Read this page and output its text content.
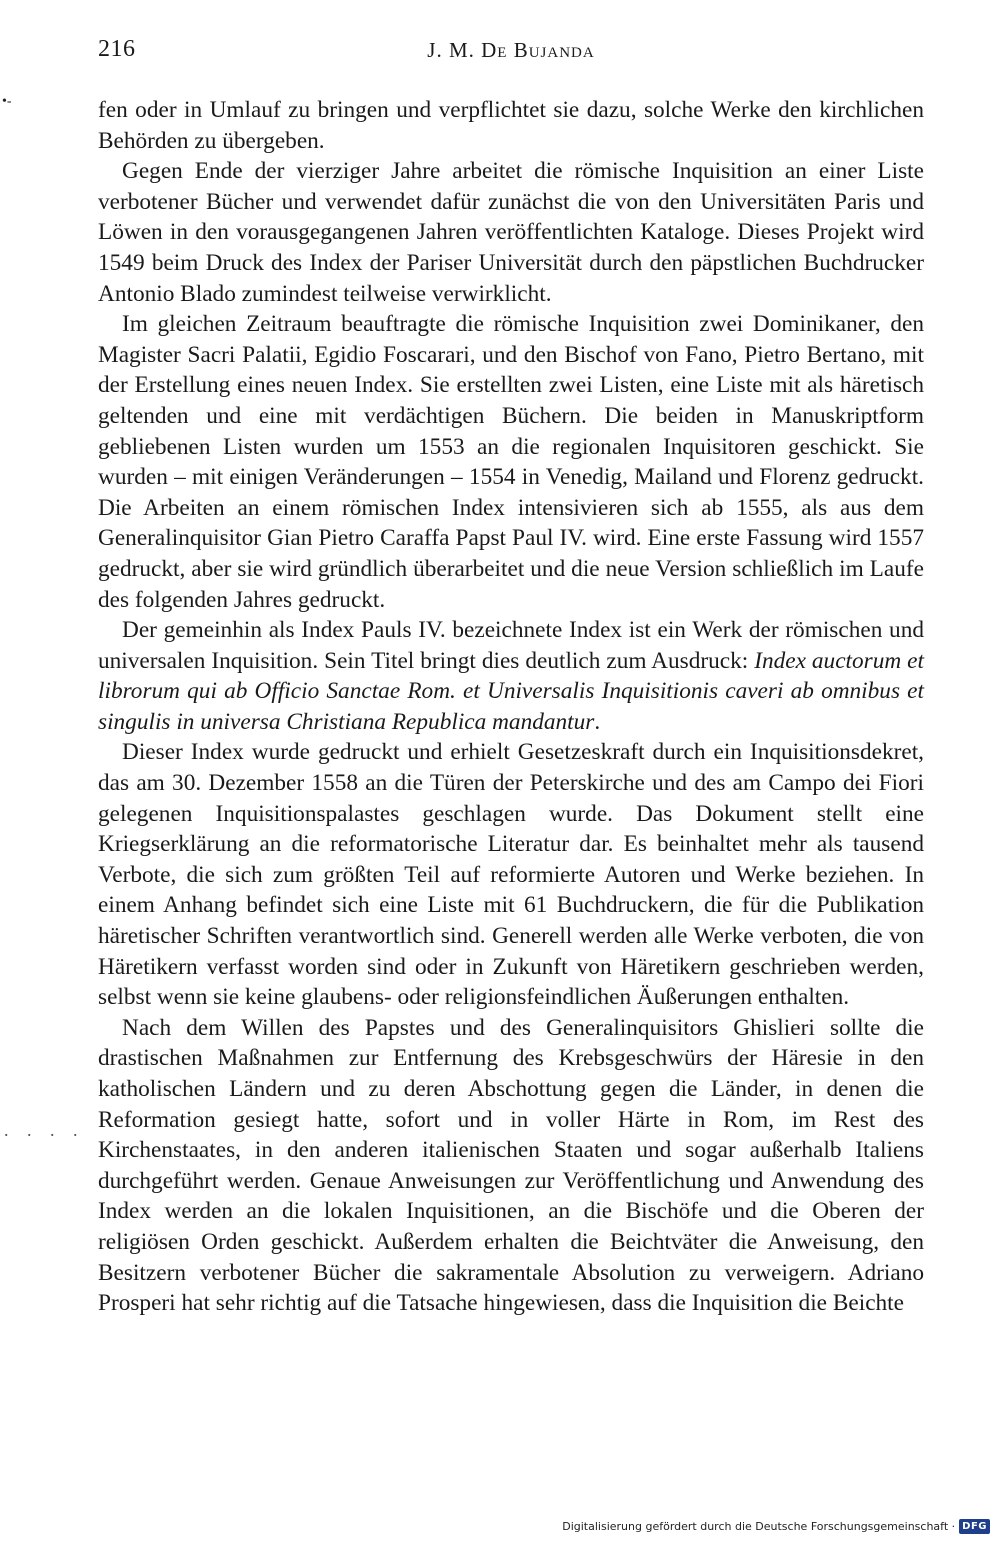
216	J. M. De Bujanda
•-
. . . .

fen oder in Umlauf zu bringen und verpflichtet sie dazu, solche Werke den kirchlichen Behörden zu übergeben.

Gegen Ende der vierziger Jahre arbeitet die römische Inquisition an einer Liste verbotener Bücher und verwendet dafür zunächst die von den Universitäten Paris und Löwen in den vorausgegangenen Jahren veröffentlichten Kataloge. Dieses Projekt wird 1549 beim Druck des Index der Pariser Universität durch den päpstlichen Buchdrucker Antonio Blado zumindest teilweise verwirklicht.

Im gleichen Zeitraum beauftragte die römische Inquisition zwei Dominikaner, den Magister Sacri Palatii, Egidio Foscarari, und den Bischof von Fano, Pietro Bertano, mit der Erstellung eines neuen Index. Sie erstellten zwei Listen, eine Liste mit als häretisch geltenden und eine mit verdächtigen Büchern. Die beiden in Manuskriptform gebliebenen Listen wurden um 1553 an die regionalen Inquisitoren geschickt. Sie wurden – mit einigen Veränderungen – 1554 in Venedig, Mailand und Florenz gedruckt. Die Arbeiten an einem römischen Index intensivieren sich ab 1555, als aus dem Generalinquisitor Gian Pietro Caraffa Papst Paul IV. wird. Eine erste Fassung wird 1557 gedruckt, aber sie wird gründlich überarbeitet und die neue Version schließlich im Laufe des folgenden Jahres gedruckt.

Der gemeinhin als Index Pauls IV. bezeichnete Index ist ein Werk der römischen und universalen Inquisition. Sein Titel bringt dies deutlich zum Ausdruck: Index auctorum et librorum qui ab Officio Sanctae Rom. et Universalis Inquisitionis caveri ab omnibus et singulis in universa Christiana Republica mandantur.

Dieser Index wurde gedruckt und erhielt Gesetzeskraft durch ein Inquisitionsdekret, das am 30. Dezember 1558 an die Türen der Peterskirche und des am Campo dei Fiori gelegenen Inquisitionspalastes geschlagen wurde. Das Dokument stellt eine Kriegserklärung an die reformatorische Literatur dar. Es beinhaltet mehr als tausend Verbote, die sich zum größten Teil auf reformierte Autoren und Werke beziehen. In einem Anhang befindet sich eine Liste mit 61 Buchdruckern, die für die Publikation häretischer Schriften verantwortlich sind. Generell werden alle Werke verboten, die von Häretikern verfasst worden sind oder in Zukunft von Häretikern geschrieben werden, selbst wenn sie keine glaubens- oder religionsfeindlichen Äußerungen enthalten.

Nach dem Willen des Papstes und des Generalinquisitors Ghislieri sollte die drastischen Maßnahmen zur Entfernung des Krebsgeschwürs der Häresie in den katholischen Ländern und zu deren Abschottung gegen die Länder, in denen die Reformation gesiegt hatte, sofort und in voller Härte in Rom, im Rest des Kirchenstaates, in den anderen italienischen Staaten und sogar außerhalb Italiens durchgeführt werden. Genaue Anweisungen zur Veröffentlichung und Anwendung des Index werden an die lokalen Inquisitionen, an die Bischöfe und die Oberen der religiösen Orden geschickt. Außerdem erhalten die Beichtväter die Anweisung, den Besitzern verbotener Bücher die sakramentale Absolution zu verweigern. Adriano Prosperi hat sehr richtig auf die Tatsache hingewiesen, dass die Inquisition die Beichte

Digitalisierung gefördert durch die Deutsche Forschungsgemeinschaft · DFG
